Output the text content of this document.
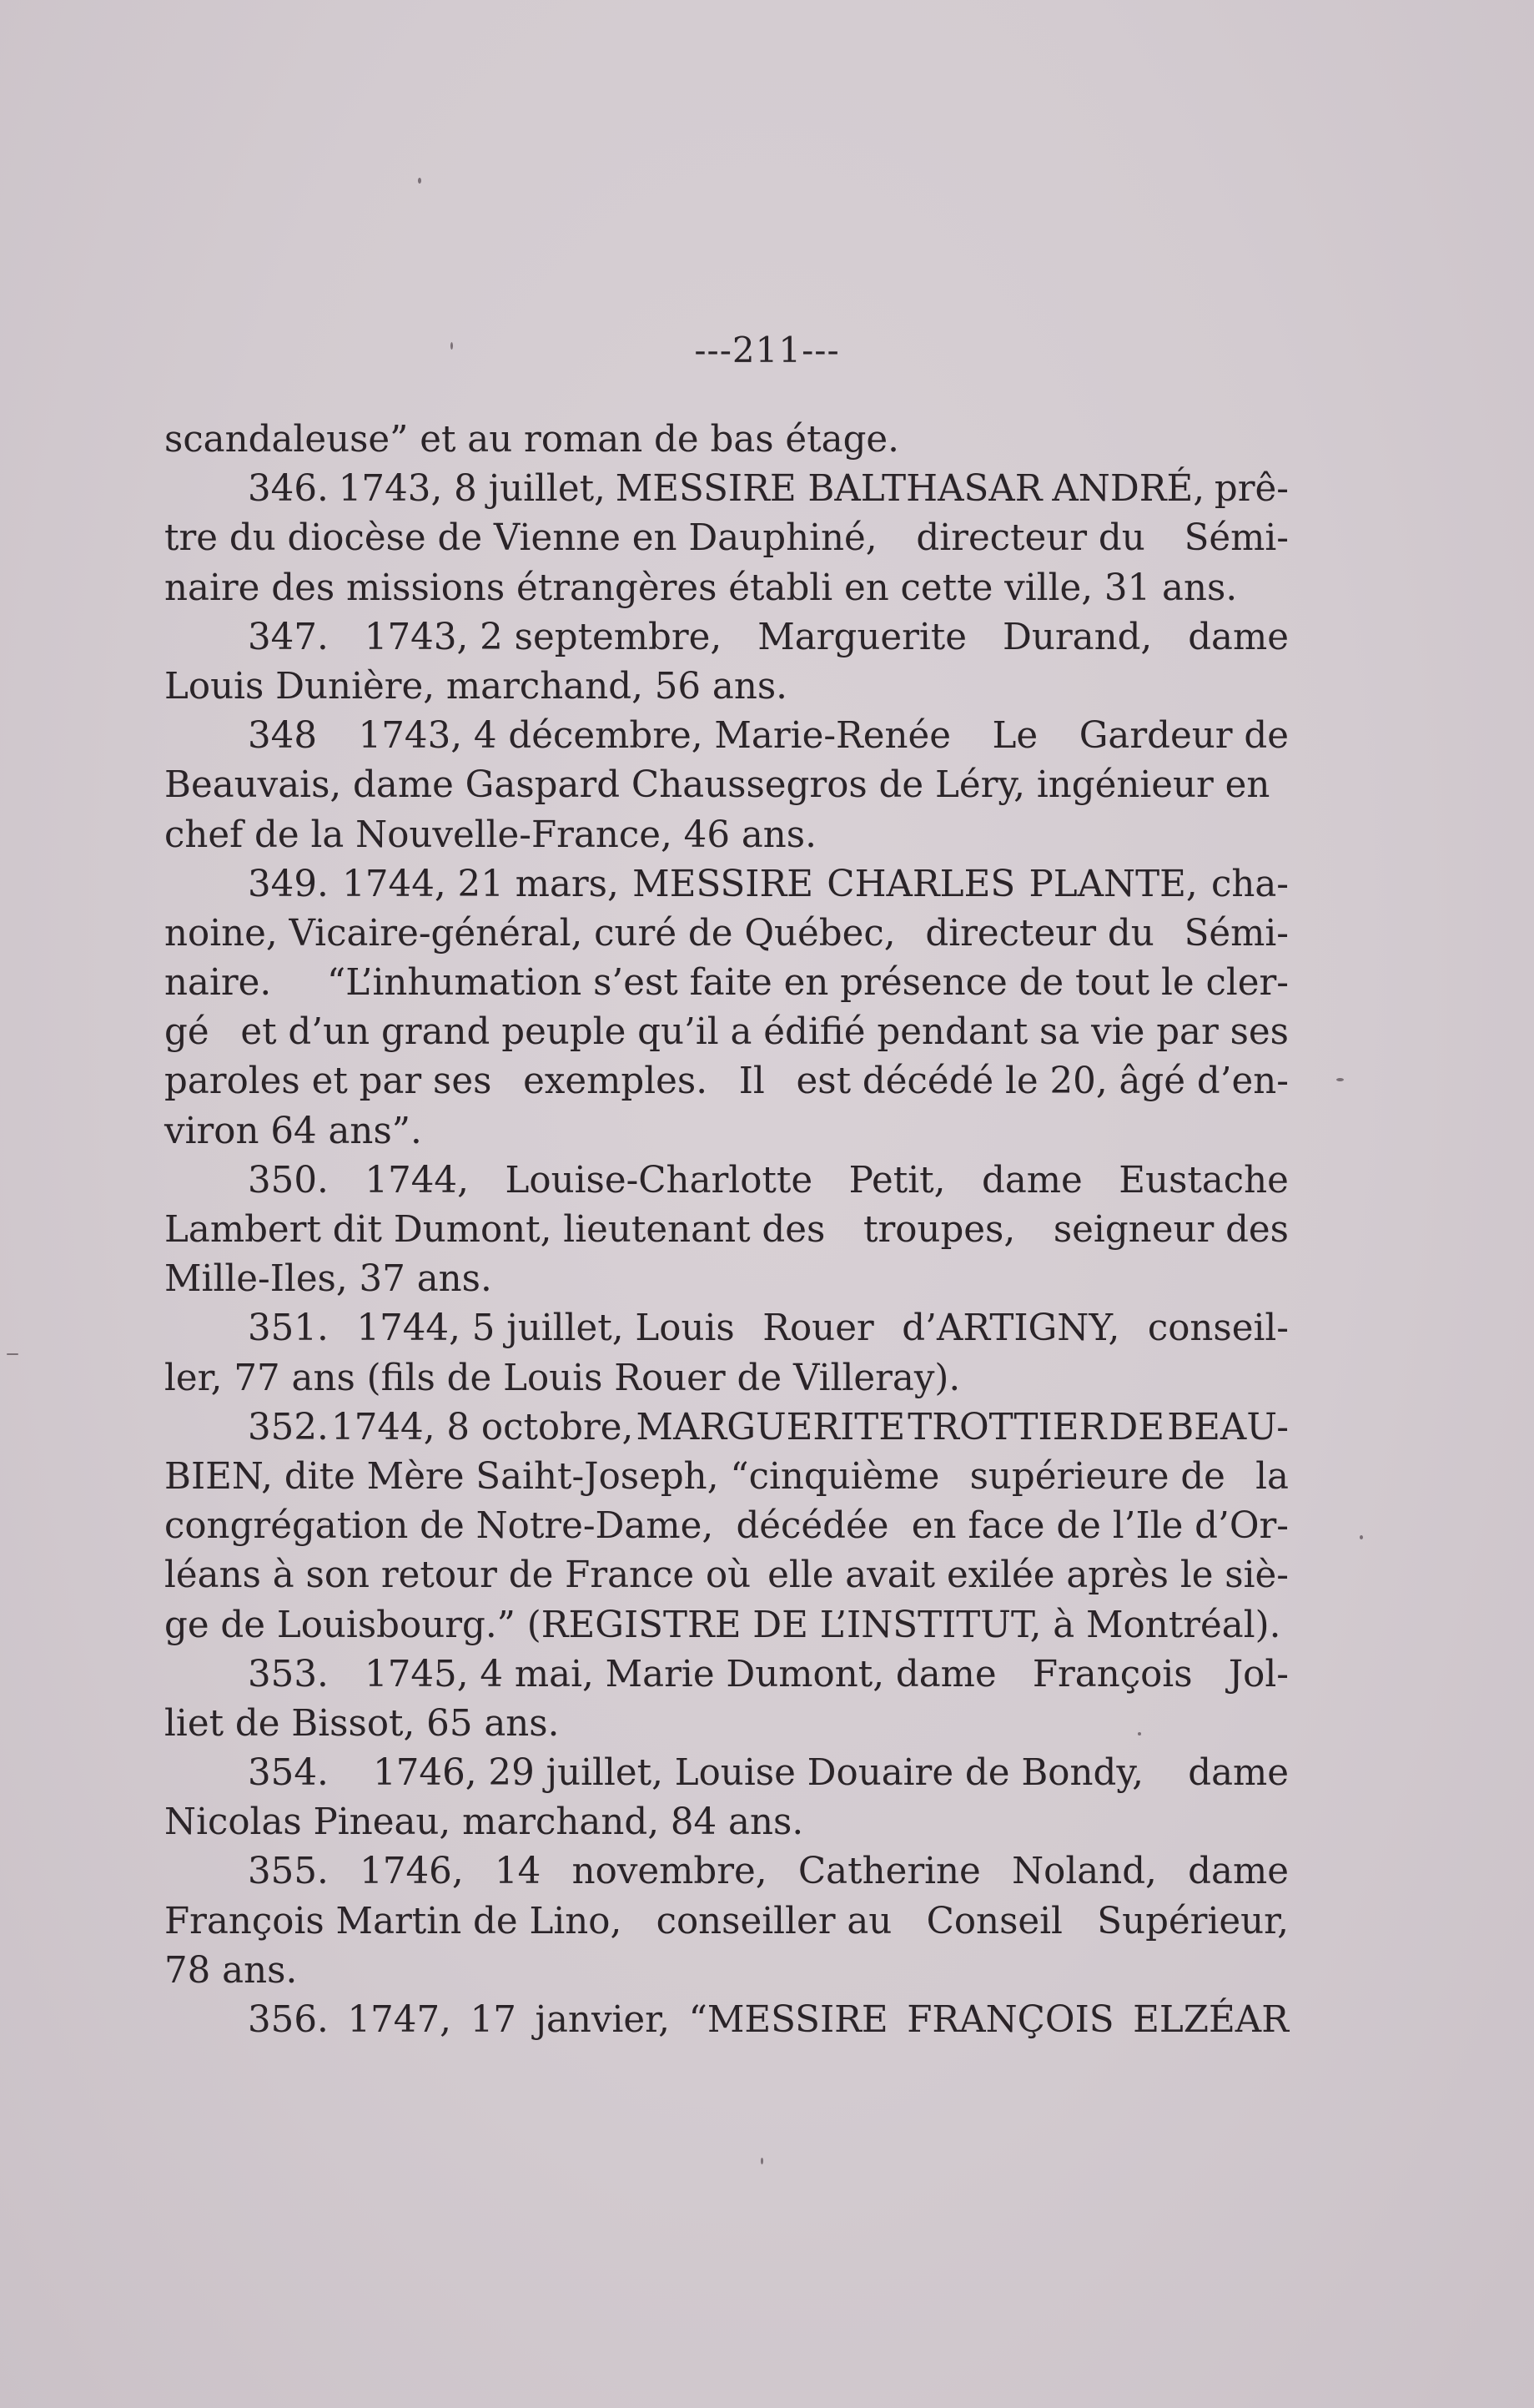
---211---
scandaleuse” et au roman de bas étage.
346. 1743, 8 juillet, MESSIRE BALTHASAR ANDRÉ, prê-
tre du diocèse de Vienne en Dauphiné, directeur du Sémi-
naire des missions étrangères établi en cette ville, 31 ans.
347. 1743, 2 septembre, Marguerite Durand, dame
Louis Dunière, marchand, 56 ans.
348 1743, 4 décembre, Marie-Renée Le Gardeur de
Beauvais, dame Gaspard Chaussegros de Léry, ingénieur en
chef de la Nouvelle-France, 46 ans.
349. 1744, 21 mars, MESSIRE CHARLES PLANTE, cha-
noine, Vicaire-général, curé de Québec, directeur du Sémi-
naire. “L’inhumation s’est faite en présence de tout le cler-
gé et d’un grand peuple qu’il a édifié pendant sa vie par ses
paroles et par ses exemples. Il est décédé le 20, âgé d’en-
viron 64 ans”.
350. 1744, Louise-Charlotte Petit, dame Eustache
Lambert dit Dumont, lieutenant des troupes, seigneur des
Mille-Iles, 37 ans.
351. 1744, 5 juillet, Louis Rouer d’ARTIGNY, conseil-
ler, 77 ans (fils de Louis Rouer de Villeray).
352. 1744, 8 octobre, MARGUERITE TROTTIER DE BEAU-
BIEN, dite Mère Saiht-Joseph, “cinquième supérieure de la
congrégation de Notre-Dame, décédée en face de l’Ile d’Or-
léans à son retour de France où elle avait exilée après le siè-
ge de Louisbourg.” (REGISTRE DE L’INSTITUT, à Montréal).
353. 1745, 4 mai, Marie Dumont, dame François Jol-
liet de Bissot, 65 ans.
354. 1746, 29 juillet, Louise Douaire de Bondy, dame
Nicolas Pineau, marchand, 84 ans.
355. 1746, 14 novembre, Catherine Noland, dame
François Martin de Lino, conseiller au Conseil Supérieur,
78 ans.
356. 1747, 17 janvier, “MESSIRE FRANÇOIS ELZÉAR
